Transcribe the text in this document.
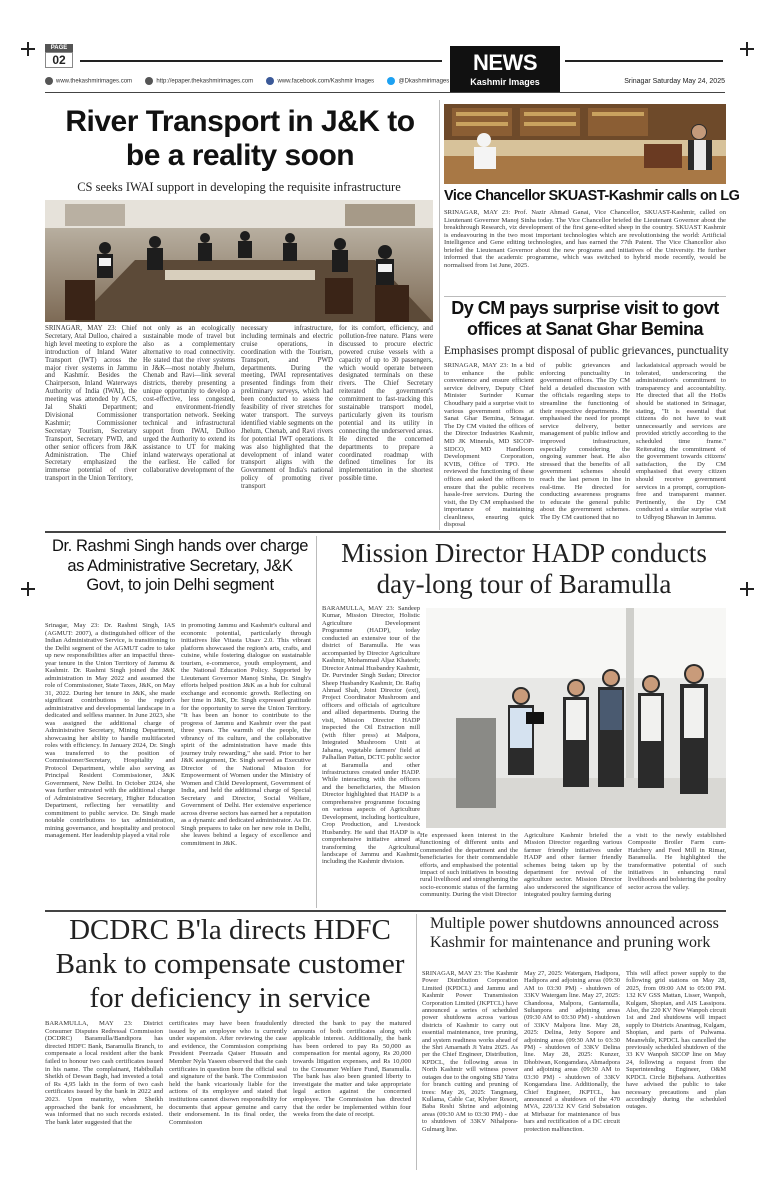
PAGE
02
www.thekashmirimages.com	http://epaper.thekashmirimages.com	www.facebook.com/Kashmir Images	@Dkashmirimages
NEWS
Kashmir Images	Srinagar Saturday May 24, 2025
River Transport in J&K to be a reality soon
CS seeks IWAI support in developing the requisite infrastructure
SRINAGAR, MAY 23: Chief Secretary, Atal Dulloo, chaired a high level meeting to explore the introduction of Inland Water Transport (IWT) across the major river systems in Jammu and Kashmir. Besides the Chairperson, Inland Waterways Authority of India (IWAI), the meeting was attended by ACS, Jal Shakti Department; Divisional Commissioner Kashmir; Commissioner Secretary Tourism, Secretary Transport, Secretary PWD, and other senior officers from J&K Administration. The Chief Secretary emphasized the immense potential of river transport in the Union Territory,
not only as an ecologically sustainable mode of travel but also as a complementary alternative to road connectivity. He stated that the river systems in J&K—most notably Jhelum, Chenab and Ravi—link several districts, thereby presenting a unique opportunity to develop a cost-effective, less congested, and environment-friendly transportation network. Seeking technical and infrastructural support from IWAI, Dulloo urged the Authority to extend its assistance to UT for making inland waterways operational at the earliest. He called for collaborative development of the
necessary infrastructure, including terminals and electric cruise operations, in coordination with the Tourism, Transport, and PWD departments. During the meeting, IWAI representatives presented findings from their preliminary surveys, which had been conducted to assess the feasibility of river stretches for water transport. The surveys identified viable segments on the Jhelum, Chenab, and Ravi rivers for potential IWT operations. It was also highlighted that the development of inland water transport aligns with the Government of India's national policy of promoting river transport
for its comfort, efficiency, and pollution-free nature. Plans were discussed to procure electric powered cruise vessels with a capacity of up to 30 passengers, which would operate between designated terminals on these rivers. The Chief Secretary reiterated the government's commitment to fast-tracking this sustainable transport model, particularly given its tourism potential and its utility in connecting the underserved areas. He directed the concerned departments to prepare a coordinated roadmap with defined timelines for its implementation in the shortest possible time.
Vice Chancellor SKUAST-Kashmir calls on LG
SRINAGAR, MAY 23: Prof. Nazir Ahmad Ganai, Vice Chancellor, SKUAST-Kashmir, called on Lieutenant Governor Manoj Sinha today. The Vice Chancellor briefed the Lieutenant Governor about the breakthrough Research, viz development of the first gene-edited sheep in the country. SKUAST Kashmir is endeavouring in the two most important technologies which are revolutionising the world: Artificial Intelligence and Gene editing technologies, and has earned the 77th Patent. The Vice Chancellor also briefed the Lieutenant Governor about the new programs and initiatives of the University. He further informed that the academic programme, which was switched to hybrid mode recently, would be normalised from 1st June, 2025.
Dy CM pays surprise visit to govt offices at Sanat Ghar Bemina
Emphasises prompt disposal of public grievances, punctuality
SRINAGAR, MAY 23: In a bid to enhance the public convenience and ensure efficient service delivery, Deputy Chief Minister Surinder Kumar Choudhary paid a surprise visit to various government offices at Sanat Ghar Bemina, Srinagar. The Dy CM visited the offices of the Director Industries Kashmir, MD JK Minerals, MD SICOP-SIDCO, MD Handloom Development Corporation, KVIB, Office of TPO. He reviewed the functioning of these offices and asked the officers to ensure that the public receives hassle-free services. During the visit, the Dy CM emphasised the importance of maintaining cleanliness, ensuring quick disposal
of public grievances and enforcing punctuality in government offices. The Dy CM held a detailed discussion with the officials regarding steps to streamline the functioning of their respective departments. He emphasised the need for prompt service delivery, better management of public inflow and improved infrastructure, especially considering the ongoing summer heat. He also stressed that the benefits of all government schemes should reach the last person in line in real-time. He directed for conducting awareness programs to educate the general public about the government schemes. The Dy CM cautioned that no
lackadaisical approach would be tolerated, underscoring the administration's commitment to transparency and accountability. He directed that all the HoDs should be stationed in Srinagar, stating, "It is essential that citizens do not have to wait unnecessarily and services are provided strictly according to the scheduled time frame." Reiterating the commitment of the government towards citizens' satisfaction, the Dy CM emphasised that every citizen should receive government services in a prompt, corruption-free and transparent manner. Pertinently, the Dy CM conducted a similar surprise visit to Udhyog Bhawan in Jammu.
Dr. Rashmi Singh hands over charge as Administrative Secretary, J&K Govt, to join Delhi segment
Srinagar, May 23: Dr. Rashmi Singh, IAS (AGMUT: 2007), a distinguished officer of the Indian Administrative Service, is transitioning to the Delhi segment of the AGMUT cadre to take up new responsibilities after an impactful three-year tenure in the Union Territory of Jammu & Kashmir. Dr. Rashmi Singh joined the J&K administration in May 2022 and assumed the role of Commissioner, State Taxes, J&K, on May 31, 2022. During her tenure in J&K, she made significant contributions to the region's administrative and developmental landscape in a dedicated and selfless manner. In June 2023, she was assigned the additional charge of Administrative Secretary, Mining Department, showcasing her ability to handle multifaceted roles with efficiency. In January 2024, Dr. Singh was transferred to the position of Commissioner/Secretary, Hospitality and Protocol Department, while also serving as Principal Resident Commissioner, J&K Government, New Delhi. In October 2024, she was further entrusted with the additional charge of Administrative Secretary, Higher Education Department, reflecting her versatility and commitment to public service. Dr. Singh made notable contributions to tax administration, mining governance, and hospitality and protocol management. Her leadership played a vital role
in promoting Jammu and Kashmir's cultural and economic potential, particularly through initiatives like Vitasta Utsav 2.0. This vibrant platform showcased the region's arts, crafts, and cuisine, while fostering dialogue on sustainable tourism, e-commerce, youth employment, and the National Education Policy. Supported by Lieutenant Governor Manoj Sinha, Dr. Singh's efforts helped position J&K as a hub for cultural exchange and economic growth. Reflecting on her time in J&K, Dr. Singh expressed gratitude for the opportunity to serve the Union Territory. "It has been an honor to contribute to the progress of Jammu and Kashmir over the past three years. The warmth of the people, the vibrancy of its culture, and the collaborative spirit of the administration have made this journey truly rewarding," she said. Prior to her J&K assignment, Dr. Singh served as Executive Director of the National Mission for Empowerment of Women under the Ministry of Women and Child Development, Government of India, and held the additional charge of Special Secretary and Director, Social Welfare, Government of Delhi. Her extensive experience across diverse sectors has earned her a reputation as a dynamic and dedicated administrator. As Dr. Singh prepares to take on her new role in Delhi, she leaves behind a legacy of excellence and commitment in J&K.
Mission Director HADP conducts day-long tour of Baramulla
BARAMULLA, MAY 23: Sandeep Kumar, Mission Director, Holistic Agriculture Development Programme (HADP), today conducted an extensive tour of the district of Baramulla. He was accompanied by Director Agriculture Kashmir, Mohammad Aljaz Khateeb; Director Animal Husbandry Kashmir, Dr. Purvinder Singh Sudan; Director Sheep Husbandry Kashmir, Dr. Rafiq Ahmad Shah, Joint Director (ext), Project Coordinator Mushroom and officers and officials of agriculture and allied departments. During the visit, Mission Director HADP inspected the Oil Extraction mill (with filter press) at Malpora, Integrated Mushroom Unit at Jahama, vegetable farmers' field at Palhallan Pattan, DCTC public sector at Baramulla and other infrastructures created under HADP. While interacting with the officers and the beneficiaries, the Mission Director highlighted that HADP is a comprehensive programme focusing on various aspects of Agriculture Development, including horticulture, Crop Production, and Livestock Husbandry. He said that HADP is a comprehensive initiative aimed at transforming the Agricultural landscape of Jammu and Kashmir, including the Kashmir division.
He expressed keen interest in the functioning of different units and commended the department and the beneficiaries for their commendable efforts, and emphasised the potential impact of such initiatives in boosting rural livelihood and strengthening the socio-economic status of the farming community. During the visit Director
Agriculture Kashmir briefed the Mission Director regarding various farmer friendly initiatives under HADP and other farmer friendly schemes being taken up by the department for revival of the agriculture sector. Mission Director also underscored the significance of integrated poultry farming during
a visit to the newly established Composite Broiler Farm cum-Hatchery and Feed Mill in Rimar, Baramulla. He highlighted the transformative potential of such initiatives in enhancing rural livelihoods and bolstering the poultry sector across the valley.
DCDRC B'la directs HDFC Bank to compensate customer for deficiency in service
BARAMULLA, MAY 23: District Consumer Disputes Redressal Commission (DCDRC) Baramulla/Bandipora has directed HDFC Bank, Baramulla Branch, to compensate a local resident after the bank failed to honour two cash certificates issued in his name. The complainant, Habibullah Sheikh of Dewan Bagh, had invested a total of Rs 4,95 lakh in the form of two cash certificates issued by the bank in 2022 and 2023. Upon maturity, when Sheikh approached the bank for encashment, he was informed that no such records existed. The bank later suggested that the
certificates may have been fraudulently issued by an employee who is currently under suspension. After reviewing the case and evidence, the Commission comprising President Peerzada Qaiser Hussain and Member Nyla Yaseen observed that the cash certificates in question bore the official seal and signature of the bank. The Commission held the bank vicariously liable for the actions of its employee and stated that institutions cannot disown responsibility for documents that appear genuine and carry their endorsement. In its final order, the Commission
directed the bank to pay the matured amounts of both certificates along with applicable interest. Additionally, the bank has been ordered to pay Rs 50,000 as compensation for mental agony, Rs 20,000 towards litigation expenses, and Rs 10,000 to the Consumer Welfare Fund, Baramulla. The bank has also been granted liberty to investigate the matter and take appropriate legal action against the concerned employee. The Commission has directed that the order be implemented within four weeks from the date of receipt.
Multiple power shutdowns announced across Kashmir for maintenance and pruning work
SRINAGAR, MAY 23: The Kashmir Power Distribution Corporation Limited (KPDCL) and Jammu and Kashmir Power Transmission Corporation Limited (JKPTCL) have announced a series of scheduled power shutdowns across various districts of Kashmir to carry out essential maintenance, tree pruning, and system readiness works ahead of the Shri Amarnath Ji Yatra 2025. As per the Chief Engineer, Distribution, KPDCL, the following areas in North Kashmir will witness power outages due to the ongoing SBJ Yatra for branch cutting and pruning of trees: May 26, 2025: Tangmarg, Kullama, Cable Car, Khyber Resort, Baba Reshi Shrine and adjoining areas (09:30 AM to 03:30 PM) - due to shutdown of 33KV Nihalpora-Gulmarg line.
May 27, 2025: Watergam, Hadipora, Hadipora and adjoining areas (09:30 AM to 03:30 PM) - shutdown of 33KV Watergam line. May 27, 2025: Chandoosa, Malpora, Gantamulla, Sultanpora and adjoining areas (09:30 AM to 03:30 PM) - shutdown of 33KV Malpora line. May 28, 2025: Delina, Jetty Sopore and adjoining areas (09:30 AM to 03:30 PM) - shutdown of 33KV Delina line. May 28, 2025: Kunzer, Dhobiwan, Kongamdara, Ahmadpora and adjoining areas (09:30 AM to 03:30 PM) - shutdown of 33KV Kongamdara line. Additionally, the Chief Engineer, JKPTCL, has announced a shutdown of the 470 MVA, 220/132 KV Grid Substation at Mirbazar for maintenance of bus bars and rectification of a DC circuit protection malfunction.
This will affect power supply to the following grid stations on May 28, 2025, from 09:00 AM to 05:00 PM. 132 KV GSS Mattan, Lisser, Wanpoh, Kulgam, Shopian, and AIS Lassipora. Also, the 220 KV New Wanpoh circuit 1st and 2nd shutdowns will impact supply to Districts Anantnag, Kulgam, Shopian, and parts of Pulwama. Meanwhile, KPDCL has cancelled the previously scheduled shutdown of the 33 KV Wanpoh SICOP line on May 24, following a request from the Superintending Engineer, O&M KPDCL Circle Bijbehara. Authorities have advised the public to take necessary precautions and plan accordingly during the scheduled outages.
